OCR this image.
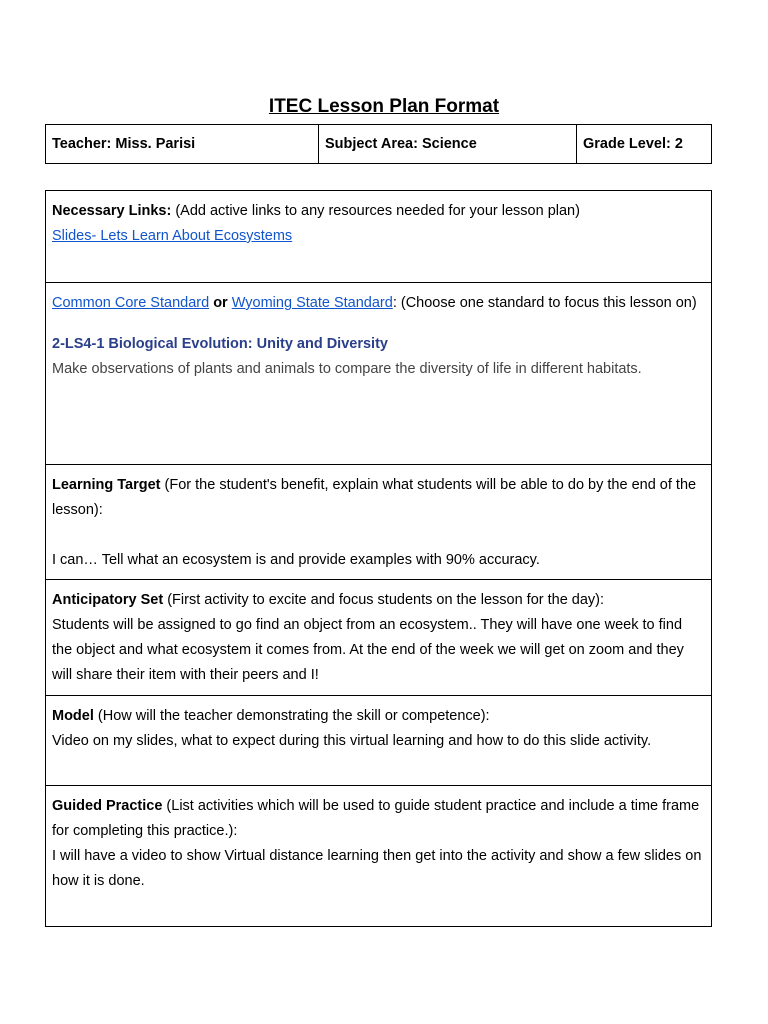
ITEC Lesson Plan Format
Teacher: Miss. Parisi	Subject Area: Science	Grade Level: 2
Necessary Links: (Add active links to any resources needed for your lesson plan)
Slides- Lets Learn About Ecosystems
Common Core Standard or Wyoming State Standard: (Choose one standard to focus this lesson on)
2-LS4-1 Biological Evolution: Unity and Diversity
Make observations of plants and animals to compare the diversity of life in different habitats.
Learning Target (For the student's benefit, explain what students will be able to do by the end of the lesson):
I can… Tell what an ecosystem is and provide examples with 90% accuracy.
Anticipatory Set (First activity to excite and focus students on the lesson for the day):
Students will be assigned to go find an object from an ecosystem.. They will have one week to find the object and what ecosystem it comes from. At the end of the week we will get on zoom and they will share their item with their peers and I!
Model (How will the teacher demonstrating the skill or competence):
Video on my slides, what to expect during this virtual learning and how to do this slide activity.
Guided Practice (List activities which will be used to guide student practice and include a time frame for completing this practice.):
I will have a video to show Virtual distance learning then get into the activity and show a few slides on how it is done.
